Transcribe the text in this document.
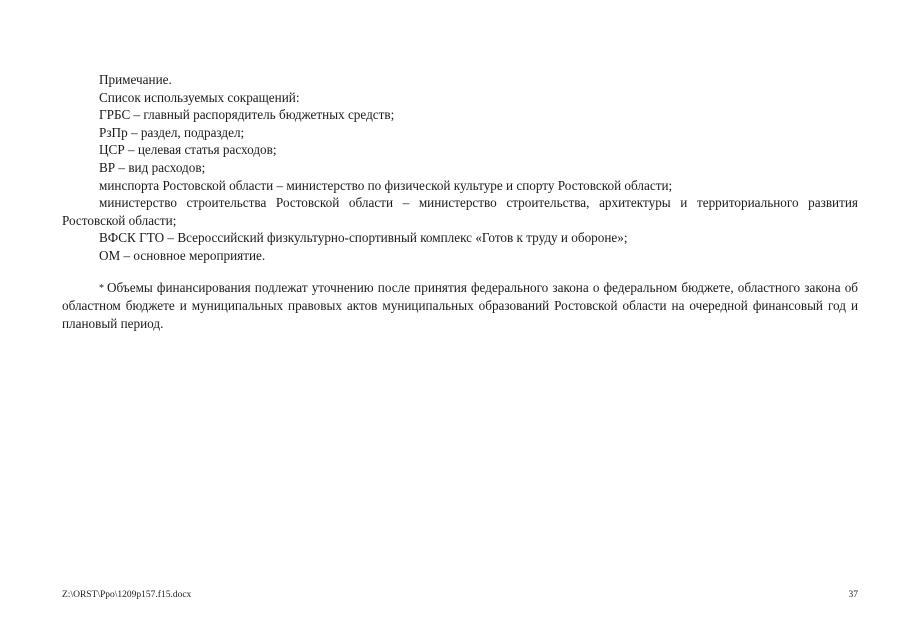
Примечание.

Список используемых сокращений:

ГРБС – главный распорядитель бюджетных средств;

РзПр – раздел, подраздел;

ЦСР – целевая статья расходов;

ВР – вид расходов;

минспорта Ростовской области – министерство по физической культуре и спорту Ростовской области;

министерство строительства Ростовской области – министерство строительства, архитектуры и территориального развития Ростовской области;

ВФСК ГТО – Всероссийский физкультурно-спортивный комплекс «Готов к труду и обороне»;

ОМ – основное мероприятие.

* Объемы финансирования подлежат уточнению после принятия федерального закона о федеральном бюджете, областного закона об областном бюджете и муниципальных правовых актов муниципальных образований Ростовской области на очередной финансовый год и плановый период.

Z:\ORST\Ppo\1209p157.f15.docx	37
